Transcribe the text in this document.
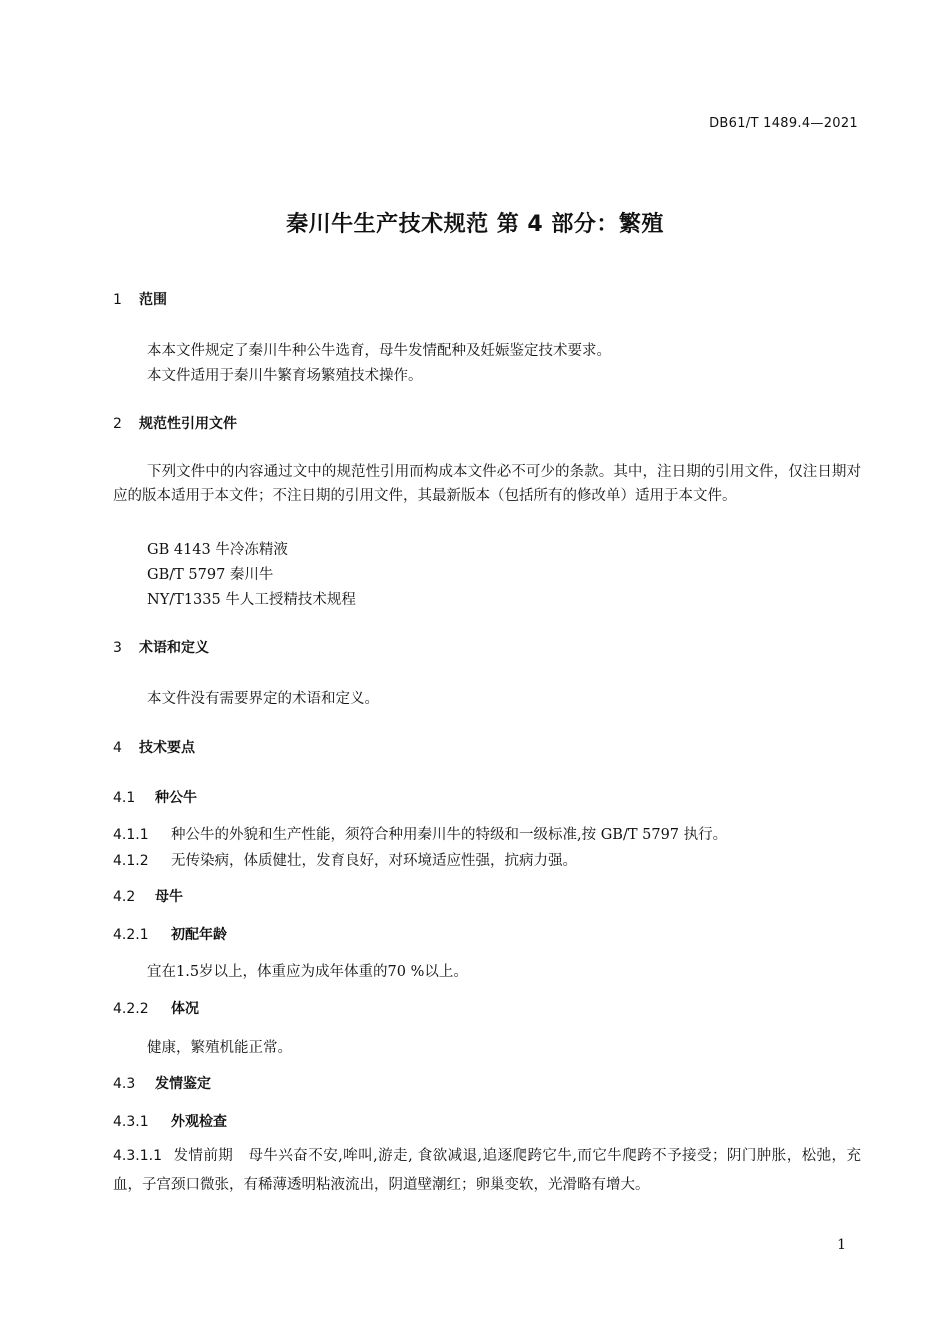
DB61/T 1489.4—2021
秦川牛生产技术规范 第 4 部分：繁殖
1 范围
本本文件规定了秦川牛种公牛选育，母牛发情配种及妊娠鉴定技术要求。
本文件适用于秦川牛繁育场繁殖技术操作。
2 规范性引用文件
下列文件中的内容通过文中的规范性引用而构成本文件必不可少的条款。其中，注日期的引用文件，仅注日期对应的版本适用于本文件；不注日期的引用文件，其最新版本（包括所有的修改单）适用于本文件。
GB 4143 牛冷冻精液
GB/T 5797 秦川牛
NY/T1335 牛人工授精技术规程
3 术语和定义
本文件没有需要界定的术语和定义。
4 技术要点
4.1 种公牛
4.1.1 种公牛的外貌和生产性能，须符合种用秦川牛的特级和一级标准,按 GB/T 5797 执行。
4.1.2 无传染病，体质健壮，发育良好，对环境适应性强，抗病力强。
4.2 母牛
4.2.1 初配年龄
宜在1.5岁以上，体重应为成年体重的70 %以上。
4.2.2 体况
健康，繁殖机能正常。
4.3 发情鉴定
4.3.1 外观检查
4.3.1.1 发情前期 母牛兴奋不安,哞叫,游走, 食欲减退,追逐爬跨它牛,而它牛爬跨不予接受；阴门肿胀，松弛，充血，子宫颈口微张，有稀薄透明粘液流出，阴道壁潮红；卵巢变软，光滑略有增大。
1
